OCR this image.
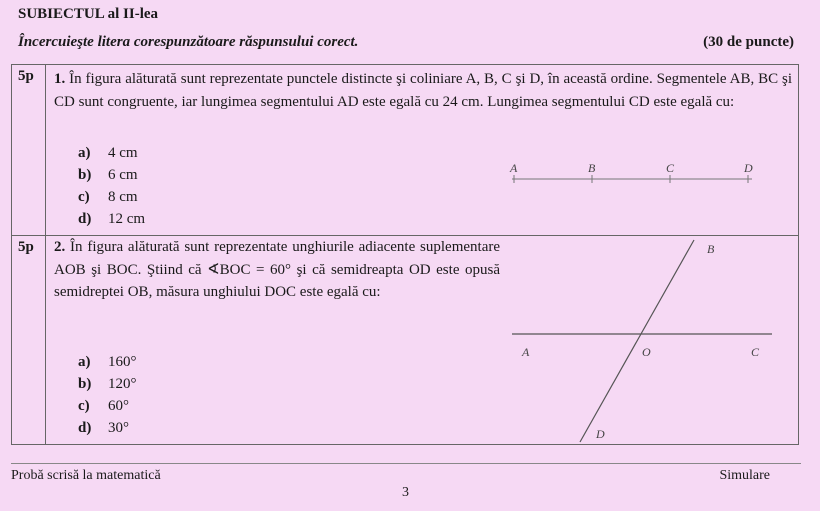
SUBIECTUL al II-lea
Încercuieşte litera corespunzătoare răspunsului corect.	(30 de puncte)
5p 1. În figura alăturată sunt reprezentate punctele distincte şi coliniare A, B, C şi D, în această ordine. Segmentele AB, BC şi CD sunt congruente, iar lungimea segmentului AD este egală cu 24 cm. Lungimea segmentului CD este egală cu:
a) 4 cm
b) 6 cm
c) 8 cm
d) 12 cm
A	B	C	D
5p 2. În figura alăturată sunt reprezentate unghiurile adiacente suplementare AOB şi BOC. Ştiind că ∢BOC = 60° şi că semidreapta OD este opusă semidreptei OB, măsura unghiului DOC este egală cu:
a) 160°
b) 120°
c) 60°
d) 30°
B
A	O	C
D
Probă scrisă la matematică	Simulare
3
